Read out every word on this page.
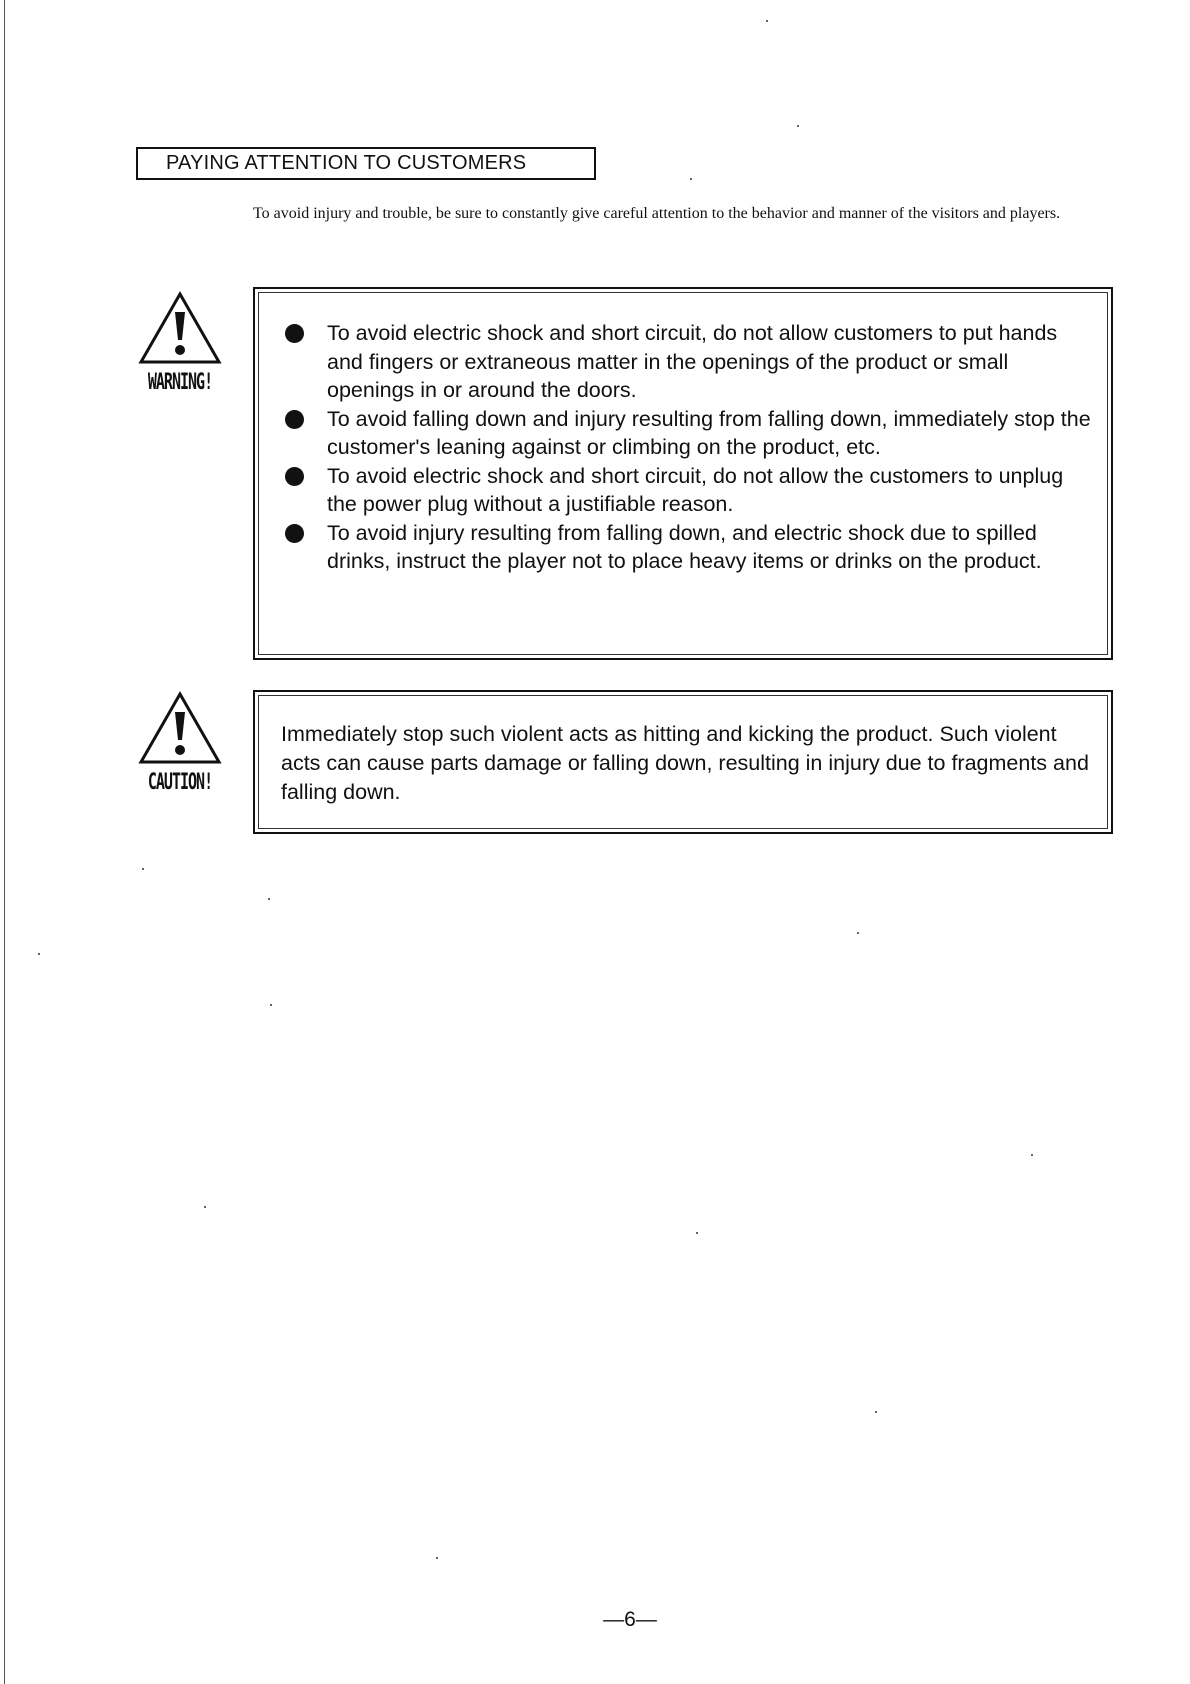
PAYING ATTENTION TO CUSTOMERS

To avoid injury and trouble, be sure to constantly give careful attention to the behavior and manner of the visitors and players.

WARNING!
To avoid electric shock and short circuit, do not allow customers to put hands and fingers or extraneous matter in the openings of the product or small openings in or around the doors.
To avoid falling down and injury resulting from falling down, immediately stop the customer's leaning against or climbing on the product, etc.
To avoid electric shock and short circuit, do not allow the customers to unplug the power plug without a justifiable reason.
To avoid injury resulting from falling down, and electric shock due to spilled drinks, instruct the player not to place heavy items or drinks on the product.
CAUTION!

Immediately stop such violent acts as hitting and kicking the product. Such violent acts can cause parts damage or falling down, resulting in injury due to fragments and falling down.

—6—
